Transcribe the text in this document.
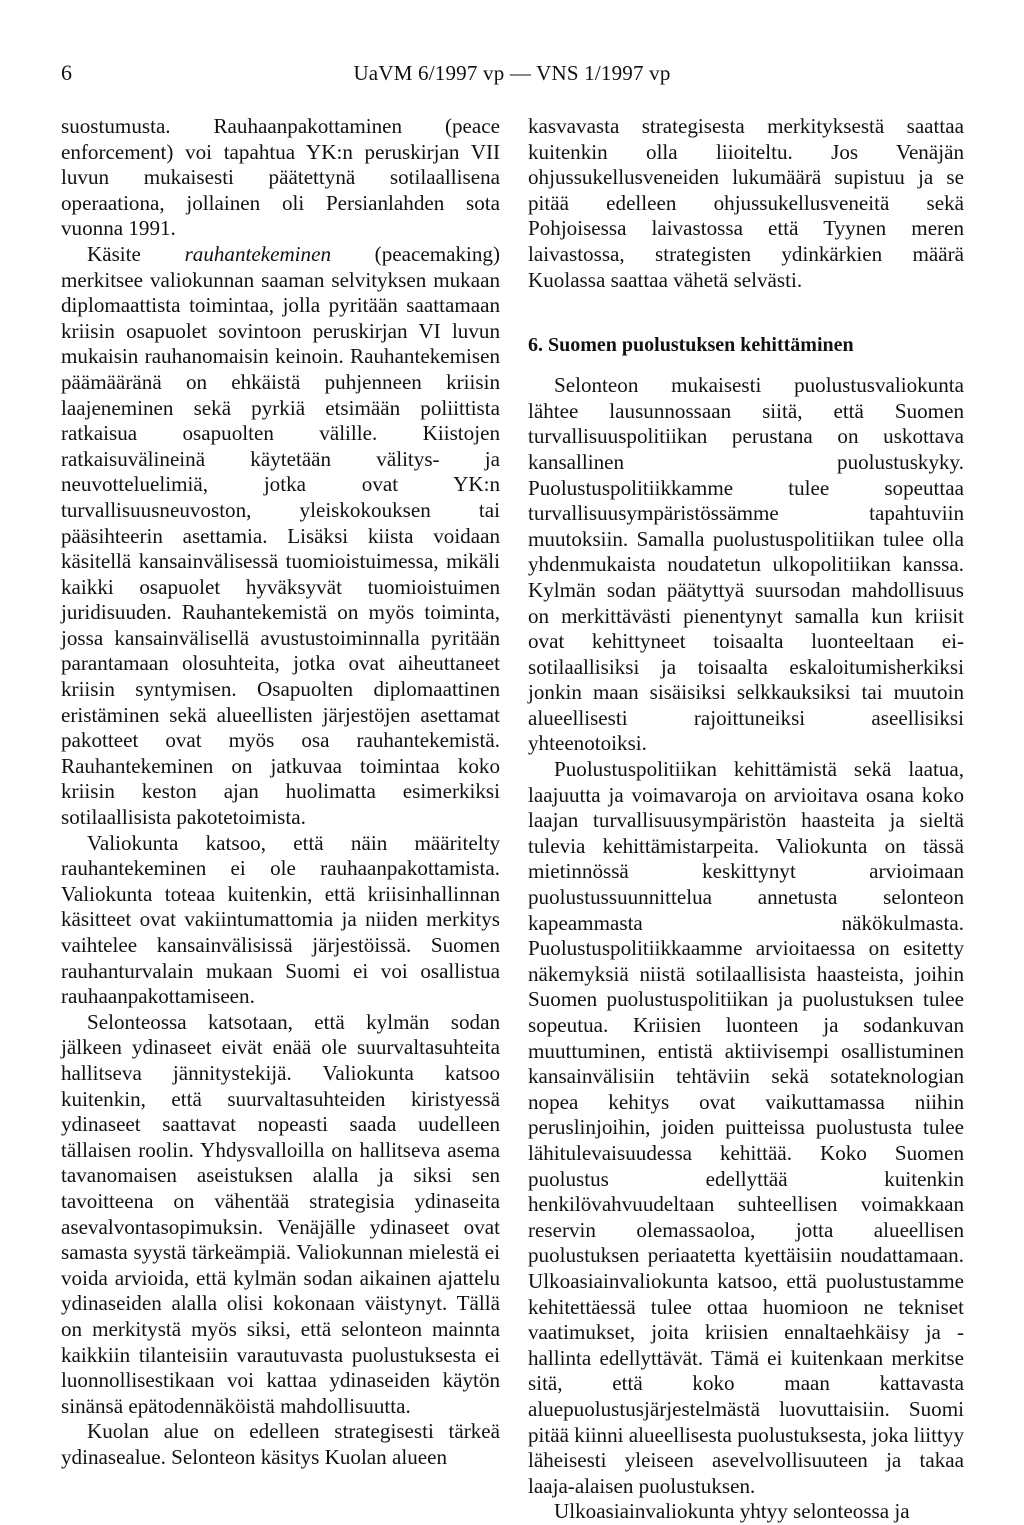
6	UaVM 6/1997 vp — VNS 1/1997 vp

suostumusta. Rauhaanpakottaminen (peace enforcement) voi tapahtua YK:n peruskirjan VII luvun mukaisesti päätettynä sotilaallisena operaationa, jollainen oli Persianlahden sota vuonna 1991.

Käsite rauhantekeminen (peacemaking) merkitsee valiokunnan saaman selvityksen mukaan diplomaattista toimintaa, jolla pyritään saattamaan kriisin osapuolet sovintoon peruskirjan VI luvun mukaisin rauhanomaisin keinoin. Rauhantekemisen päämääränä on ehkäistä puhjenneen kriisin laajeneminen sekä pyrkiä etsimään poliittista ratkaisua osapuolten välille. Kiistojen ratkaisuvälineinä käytetään välitys- ja neuvotteluelimiä, jotka ovat YK:n turvallisuusneuvoston, yleiskokouksen tai pääsihteerin asettamia. Lisäksi kiista voidaan käsitellä kansainvälisessä tuomioistuimessa, mikäli kaikki osapuolet hyväksyvät tuomioistuimen juridisuuden. Rauhantekemistä on myös toiminta, jossa kansainvälisellä avustustoiminnalla pyritään parantamaan olosuhteita, jotka ovat aiheuttaneet kriisin syntymisen. Osapuolten diplomaattinen eristäminen sekä alueellisten järjestöjen asettamat pakotteet ovat myös osa rauhantekemistä. Rauhantekeminen on jatkuvaa toimintaa koko kriisin keston ajan huolimatta esimerkiksi sotilaallisista pakotetoimista.

Valiokunta katsoo, että näin määritelty rauhantekeminen ei ole rauhaanpakottamista. Valiokunta toteaa kuitenkin, että kriisinhallinnan käsitteet ovat vakiintumattomia ja niiden merkitys vaihtelee kansainvälisissä järjestöissä. Suomen rauhanturvalain mukaan Suomi ei voi osallistua rauhaanpakottamiseen.

Selonteossa katsotaan, että kylmän sodan jälkeen ydinaseet eivät enää ole suurvaltasuhteita hallitseva jännitystekijä. Valiokunta katsoo kuitenkin, että suurvaltasuhteiden kiristyessä ydinaseet saattavat nopeasti saada uudelleen tällaisen roolin. Yhdysvalloilla on hallitseva asema tavanomaisen aseistuksen alalla ja siksi sen tavoitteena on vähentää strategisia ydinaseita asevalvontasopimuksin. Venäjälle ydinaseet ovat samasta syystä tärkeämpiä. Valiokunnan mielestä ei voida arvioida, että kylmän sodan aikainen ajattelu ydinaseiden alalla olisi kokonaan väistynyt. Tällä on merkitystä myös siksi, että selonteon mainnta kaikkiin tilanteisiin varautuvasta puolustuksesta ei luonnollisestikaan voi kattaa ydinaseiden käytön sinänsä epätodennäköistä mahdollisuutta.

Kuolan alue on edelleen strategisesti tärkeä ydinasealue. Selonteon käsitys Kuolan alueen

kasvavasta strategisesta merkityksestä saattaa kuitenkin olla liioiteltu. Jos Venäjän ohjussukellusveneiden lukumäärä supistuu ja se pitää edelleen ohjussukellusveneitä sekä Pohjoisessa laivastossa että Tyynen meren laivastossa, strategisten ydinkärkien määrä Kuolassa saattaa vähetä selvästi.

6. Suomen puolustuksen kehittäminen

Selonteon mukaisesti puolustusvaliokunta lähtee lausunnossaan siitä, että Suomen turvallisuuspolitiikan perustana on uskottava kansallinen puolustuskyky. Puolustuspolitiikkamme tulee sopeuttaa turvallisuusympäristössämme tapahtuviin muutoksiin. Samalla puolustuspolitiikan tulee olla yhdenmukaista noudatetun ulkopolitiikan kanssa. Kylmän sodan päätyttyä suursodan mahdollisuus on merkittävästi pienentynyt samalla kun kriisit ovat kehittyneet toisaalta luonteeltaan ei-sotilaallisiksi ja toisaalta eskaloitumisherkiksi jonkin maan sisäisiksi selkkauksiksi tai muutoin alueellisesti rajoittuneiksi aseellisiksi yhteenotoiksi.

Puolustuspolitiikan kehittämistä sekä laatua, laajuutta ja voimavaroja on arvioitava osana koko laajan turvallisuusympäristön haasteita ja sieltä tulevia kehittämistarpeita. Valiokunta on tässä mietinnössä keskittynyt arvioimaan puolustussuunnittelua annetusta selonteon kapeammasta näkökulmasta. Puolustuspolitiikkaamme arvioitaessa on esitetty näkemyksiä niistä sotilaallisista haasteista, joihin Suomen puolustuspolitiikan ja puolustuksen tulee sopeutua. Kriisien luonteen ja sodankuvan muuttuminen, entistä aktiivisempi osallistuminen kansainvälisiin tehtäviin sekä sotateknologian nopea kehitys ovat vaikuttamassa niihin peruslinjoihin, joiden puitteissa puolustusta tulee lähitulevaisuudessa kehittää. Koko Suomen puolustus edellyttää kuitenkin henkilövahvuudeltaan suhteellisen voimakkaan reservin olemassaoloa, jotta alueellisen puolustuksen periaatetta kyettäisiin noudattamaan. Ulkoasiainvaliokunta katsoo, että puolustustamme kehitettäessä tulee ottaa huomioon ne tekniset vaatimukset, joita kriisien ennaltaehkäisy ja -hallinta edellyttävät. Tämä ei kuitenkaan merkitse sitä, että koko maan kattavasta aluepuolustusjärjestelmästä luovuttaisiin. Suomi pitää kiinni alueellisesta puolustuksesta, joka liittyy läheisesti yleiseen asevelvollisuuteen ja takaa laaja-alaisen puolustuksen.

Ulkoasiainvaliokunta yhtyy selonteossa ja
